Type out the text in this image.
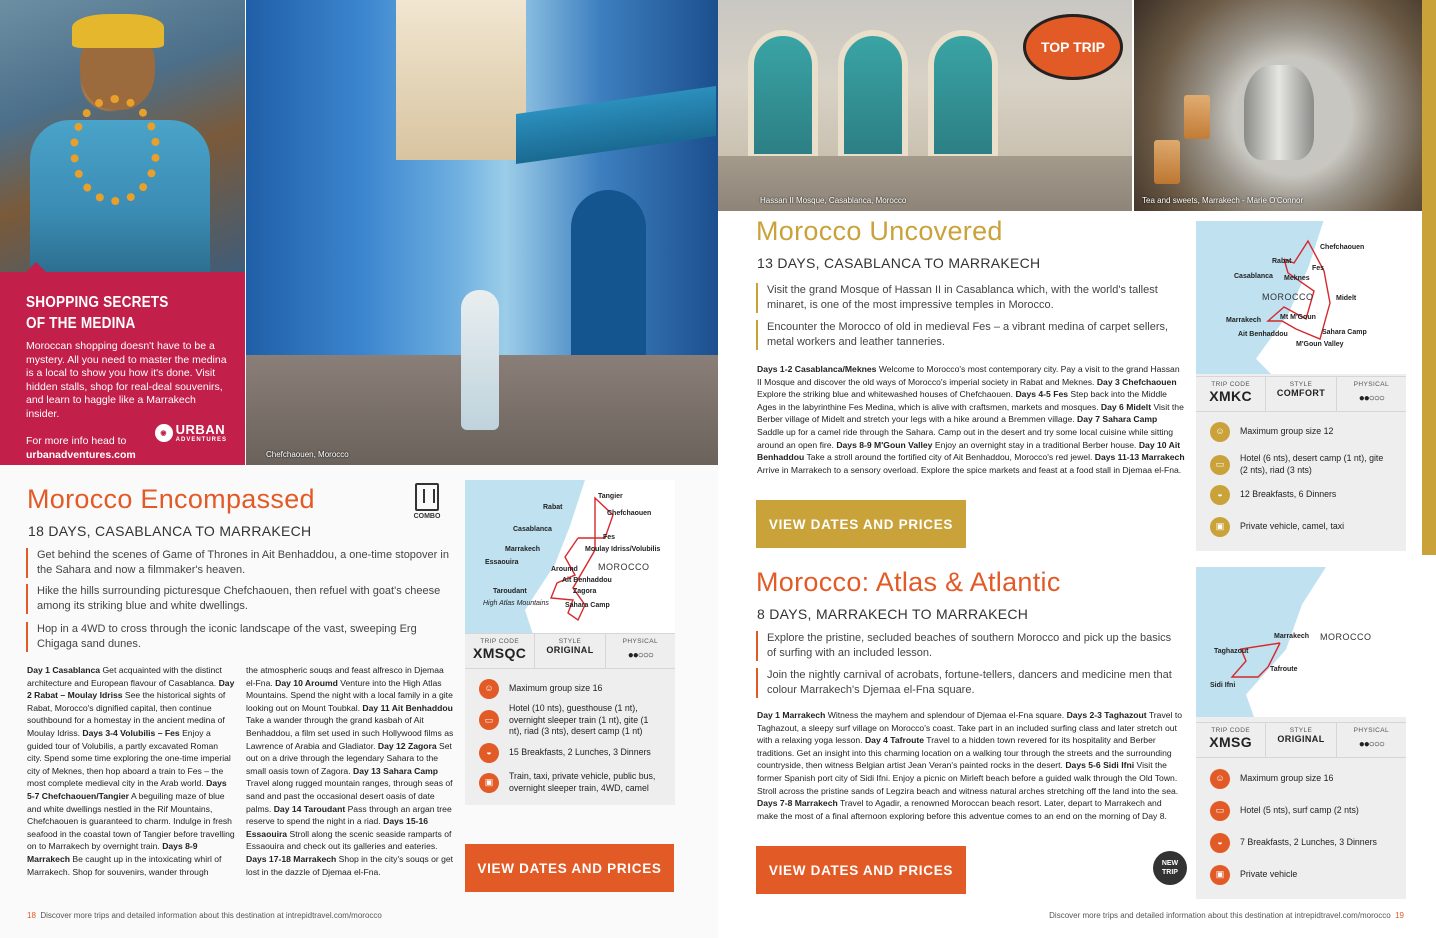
Chefchaouen, Morocco
SHOPPING SECRETS
OF THE MEDINA
Moroccan shopping doesn't have to be a mystery. All you need to master the medina is a local to show you how it's done. Visit hidden stalls, shop for real-deal souvenirs, and learn to haggle like a Marrakech insider.
For more info head to
urbanadventures.com
◉ URBAN
ADVENTURES
Morocco Encompassed
18 DAYS, CASABLANCA TO MARRAKECH
COMBO
Get behind the scenes of Game of Thrones in Ait Benhaddou, a one-time stopover in the Sahara and now a filmmaker's heaven.
Hike the hills surrounding picturesque Chefchaouen, then refuel with goat's cheese among its striking blue and white dwellings.
Hop in a 4WD to cross through the iconic landscape of the vast, sweeping Erg Chigaga sand dunes.
Day 1 Casablanca Get acquainted with the distinct architecture and European flavour of Casablanca. Day 2 Rabat – Moulay Idriss See the historical sights of Rabat, Morocco's dignified capital, then continue southbound for a homestay in the ancient medina of Moulay Idriss. Days 3-4 Volubilis – Fes Enjoy a guided tour of Volubilis, a partly excavated Roman city. Spend some time exploring the one-time imperial city of Meknes, then hop aboard a train to Fes – the most complete medieval city in the Arab world. Days 5-7 Chefchaouen/Tangier A beguiling maze of blue and white dwellings nestled in the Rif Mountains, Chefchaouen is guaranteed to charm. Indulge in fresh seafood in the coastal town of Tangier before travelling on to Marrakech by overnight train. Days 8-9 Marrakech Be caught up in the intoxicating whirl of Marrakech. Shop for souvenirs, wander through
the atmospheric souqs and feast alfresco in Djemaa el-Fna. Day 10 Aroumd Venture into the High Atlas Mountains. Spend the night with a local family in a gite looking out on Mount Toubkal. Day 11 Ait Benhaddou Take a wander through the grand kasbah of Ait Benhaddou, a film set used in such Hollywood films as Lawrence of Arabia and Gladiator. Day 12 Zagora Set out on a drive through the legendary Sahara to the small oasis town of Zagora. Day 13 Sahara Camp Travel along rugged mountain ranges, through seas of sand and past the occasional desert oasis of date palms. Day 14 Taroudant Pass through an argan tree reserve to spend the night in a riad. Days 15-16 Essaouira Stroll along the scenic seaside ramparts of Essaouira and check out its galleries and eateries. Days 17-18 Marrakech Shop in the city's souqs or get lost in the dazzle of Djemaa el-Fna.
Rabat
Tangier
Chefchaouen
Casablanca
Fes
Moulay Idriss/Volubilis
Marrakech
Essaouira
Aroumd
Ait Benhaddou
Taroudant	Zagora
High Atlas Mountains Sahara Camp
MOROCCO
TRIP CODE
XMSQC
STYLE
ORIGINAL
PHYSICAL
●●○○○
☺	Maximum group size 16
▭
Hotel (10 nts), guesthouse (1 nt), overnight sleeper train (1 nt), gite (1 nt), riad (3 nts), desert camp (1 nt)
◒	15 Breakfasts, 2 Lunches, 3 Dinners
▣
Train, taxi, private vehicle, public bus, overnight sleeper train, 4WD, camel
VIEW DATES AND PRICES
18 Discover more trips and detailed information about this destination at intrepidtravel.com/morocco
TOP TRIP
Hassan II Mosque, Casablanca, Morocco	Tea and sweets, Marrakech - Marie O'Connor
Morocco Uncovered
13 DAYS, CASABLANCA TO MARRAKECH
Visit the grand Mosque of Hassan II in Casablanca which, with the world's tallest minaret, is one of the most impressive temples in Morocco.
Encounter the Morocco of old in medieval Fes – a vibrant medina of carpet sellers, metal workers and leather tanneries.
Days 1-2 Casablanca/Meknes Welcome to Morocco's most contemporary city. Pay a visit to the grand Hassan II Mosque and discover the old ways of Morocco's imperial society in Rabat and Meknes. Day 3 Chefchaouen Explore the striking blue and whitewashed houses of Chefchaouen. Days 4-5 Fes Step back into the Middle Ages in the labyrinthine Fes Medina, which is alive with craftsmen, markets and mosques. Day 6 Midelt Visit the Berber village of Midelt and stretch your legs with a hike around a Bremmen village. Day 7 Sahara Camp Saddle up for a camel ride through the Sahara. Camp out in the desert and try some local cuisine while sitting around an open fire. Days 8-9 M'Goun Valley Enjoy an overnight stay in a traditional Berber house. Day 10 Ait Benhaddou Take a stroll around the fortified city of Ait Benhaddou, Morocco's red jewel. Days 11-13 Marrakech Arrive in Marrakech to a sensory overload. Explore the spice markets and feast at a food stall in Djemaa el-Fna.
Chefchaouen
Rabat
Fes
Casablanca Meknes
Midelt
Marrakech	Mt M'Goun
Ait Benhaddou	Sahara Camp
M'Goun Valley
MOROCCO
TRIP CODE
XMKC
STYLE
COMFORT
PHYSICAL
●●○○○
☺	Maximum group size 12
▭
Hotel (6 nts), desert camp (1 nt), gite (2 nts), riad (3 nts)
◒	12 Breakfasts, 6 Dinners
▣	Private vehicle, camel, taxi
VIEW DATES AND PRICES
Morocco: Atlas & Atlantic
8 DAYS, MARRAKECH TO MARRAKECH
Explore the pristine, secluded beaches of southern Morocco and pick up the basics of surfing with an included lesson.
Join the nightly carnival of acrobats, fortune-tellers, dancers and medicine men that colour Marrakech's Djemaa el-Fna square.
Day 1 Marrakech Witness the mayhem and splendour of Djemaa el-Fna square. Days 2-3 Taghazout Travel to Taghazout, a sleepy surf village on Morocco's coast. Take part in an included surfing class and later stretch out with a relaxing yoga lesson. Day 4 Tafroute Travel to a hidden town revered for its hospitality and Berber traditions. Get an insight into this charming location on a walking tour through the streets and the surrounding countryside, then witness Belgian artist Jean Veran's painted rocks in the desert. Days 5-6 Sidi Ifni Visit the former Spanish port city of Sidi Ifni. Enjoy a picnic on Mirleft beach before a guided walk through the Old Town. Stroll across the pristine sands of Legzira beach and witness natural arches stretching off the land into the sea. Days 7-8 Marrakech Travel to Agadir, a renowned Moroccan beach resort. Later, depart to Marrakech and make the most of a final afternoon exploring before this adventue comes to an end on the morning of Day 8.
Marrakech
Taghazout
Tafroute
Sidi Ifni
MOROCCO
TRIP CODE
XMSG
STYLE
ORIGINAL
PHYSICAL
●●○○○
☺	Maximum group size 16
▭	Hotel (5 nts), surf camp (2 nts)
◒	7 Breakfasts, 2 Lunches, 3 Dinners
▣	Private vehicle
VIEW DATES AND PRICES	NEW
TRIP
Discover more trips and detailed information about this destination at intrepidtravel.com/morocco 19
